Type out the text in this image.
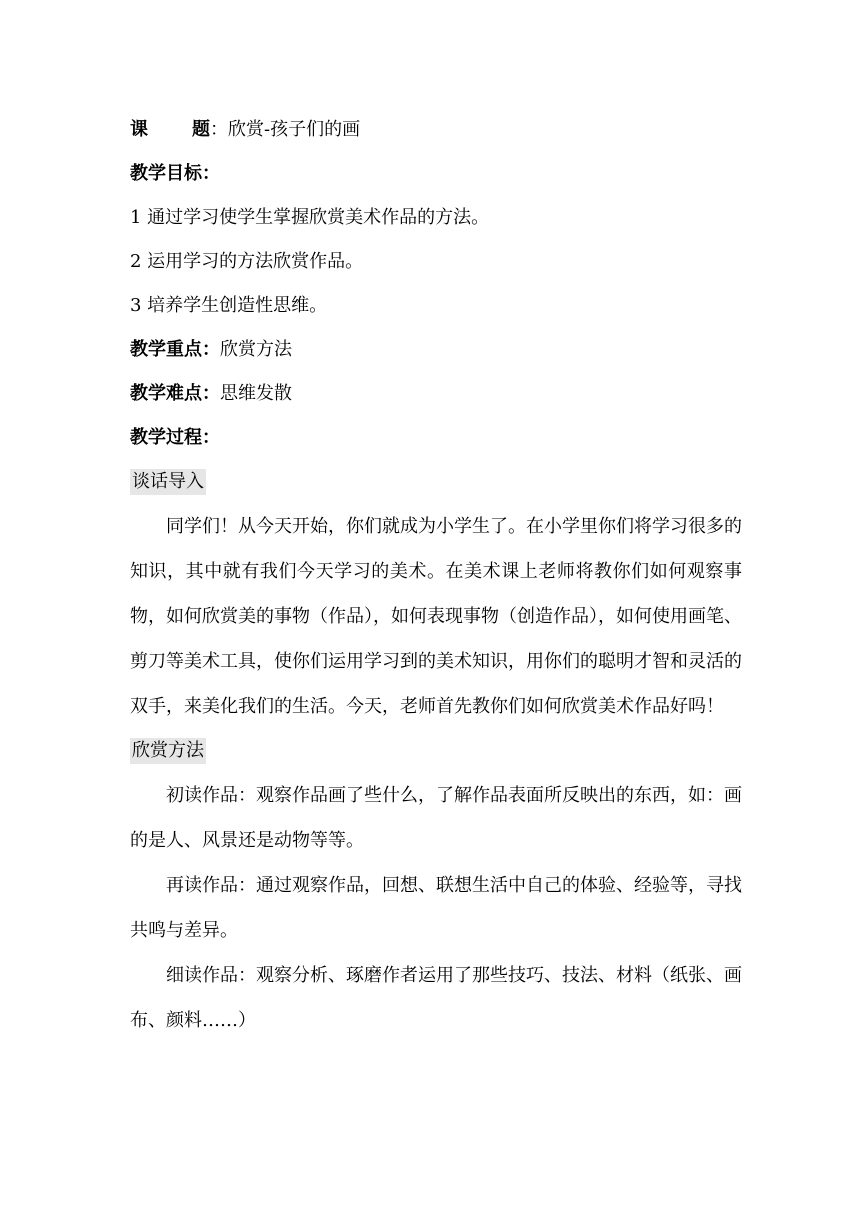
课 题：欣赏-孩子们的画
教学目标：
1 通过学习使学生掌握欣赏美术作品的方法。
2 运用学习的方法欣赏作品。
3 培养学生创造性思维。
教学重点：欣赏方法
教学难点：思维发散
教学过程：
谈话导入

同学们！从今天开始，你们就成为小学生了。在小学里你们将学习很多的知识，其中就有我们今天学习的美术。在美术课上老师将教你们如何观察事物，如何欣赏美的事物（作品），如何表现事物（创造作品），如何使用画笔、剪刀等美术工具，使你们运用学习到的美术知识，用你们的聪明才智和灵活的双手，来美化我们的生活。今天，老师首先教你们如何欣赏美术作品好吗！

欣赏方法

初读作品：观察作品画了些什么，了解作品表面所反映出的东西，如：画的是人、风景还是动物等等。

再读作品：通过观察作品，回想、联想生活中自己的体验、经验等，寻找共鸣与差异。

细读作品：观察分析、琢磨作者运用了那些技巧、技法、材料（纸张、画布、颜料……）
